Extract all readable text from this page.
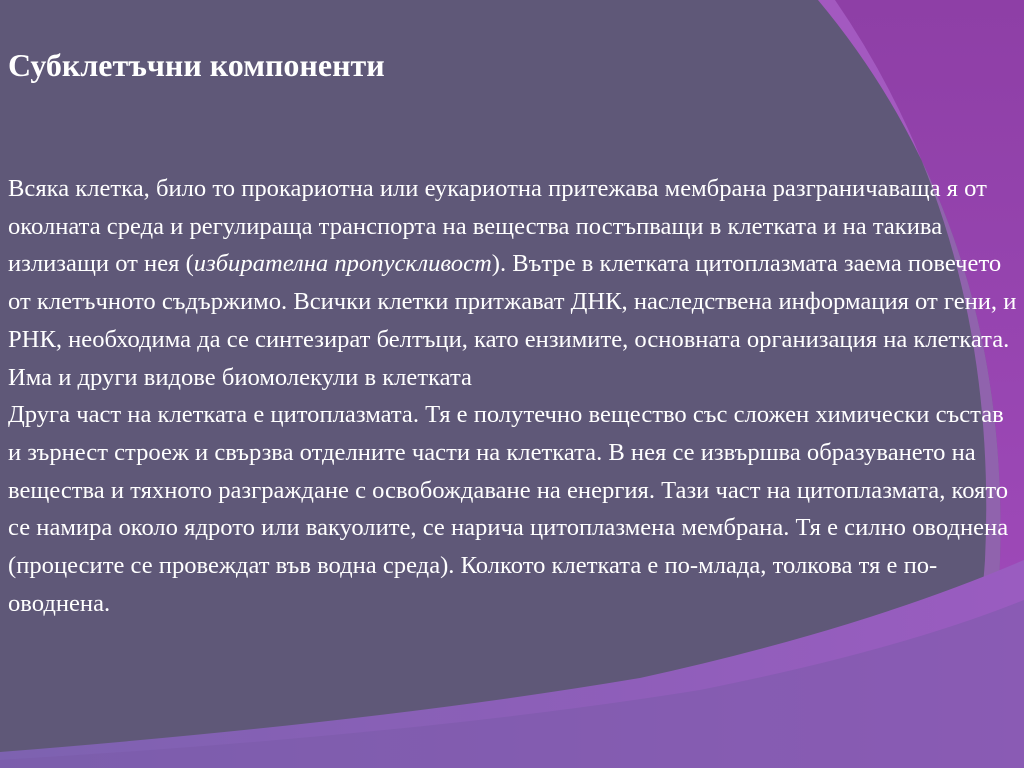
Субклетъчни компоненти

Всяка клетка, било то прокариотна или еукариотна притежава мембрана разграничаваща я от околната среда и регулираща транспорта на вещества постъпващи в клетката и на такива излизащи от нея (избирателна пропускливост). Вътре в клетката цитоплазмата заема повечето от клетъчното съдържимо. Всички клетки притжават ДНК, наследствена информация от гени, и РНК, необходима да се синтезират белтъци, като ензимите, основната организация на клетката. Има и други видове биомолекули в клетката

Друга част на клетката е цитоплазмата. Тя е полутечно вещество със сложен химически състав и зърнест строеж и свързва отделните части на клетката. В нея се извършва образуването на вещества и тяхното разграждане с освобождаване на енергия. Тази част на цитоплазмата, която се намира около ядрото или вакуолите, се нарича цитоплазмена мембрана. Тя е силно оводнена (процесите се провеждат във водна среда). Колкото клетката е по-млада, толкова тя е по-оводнена.
